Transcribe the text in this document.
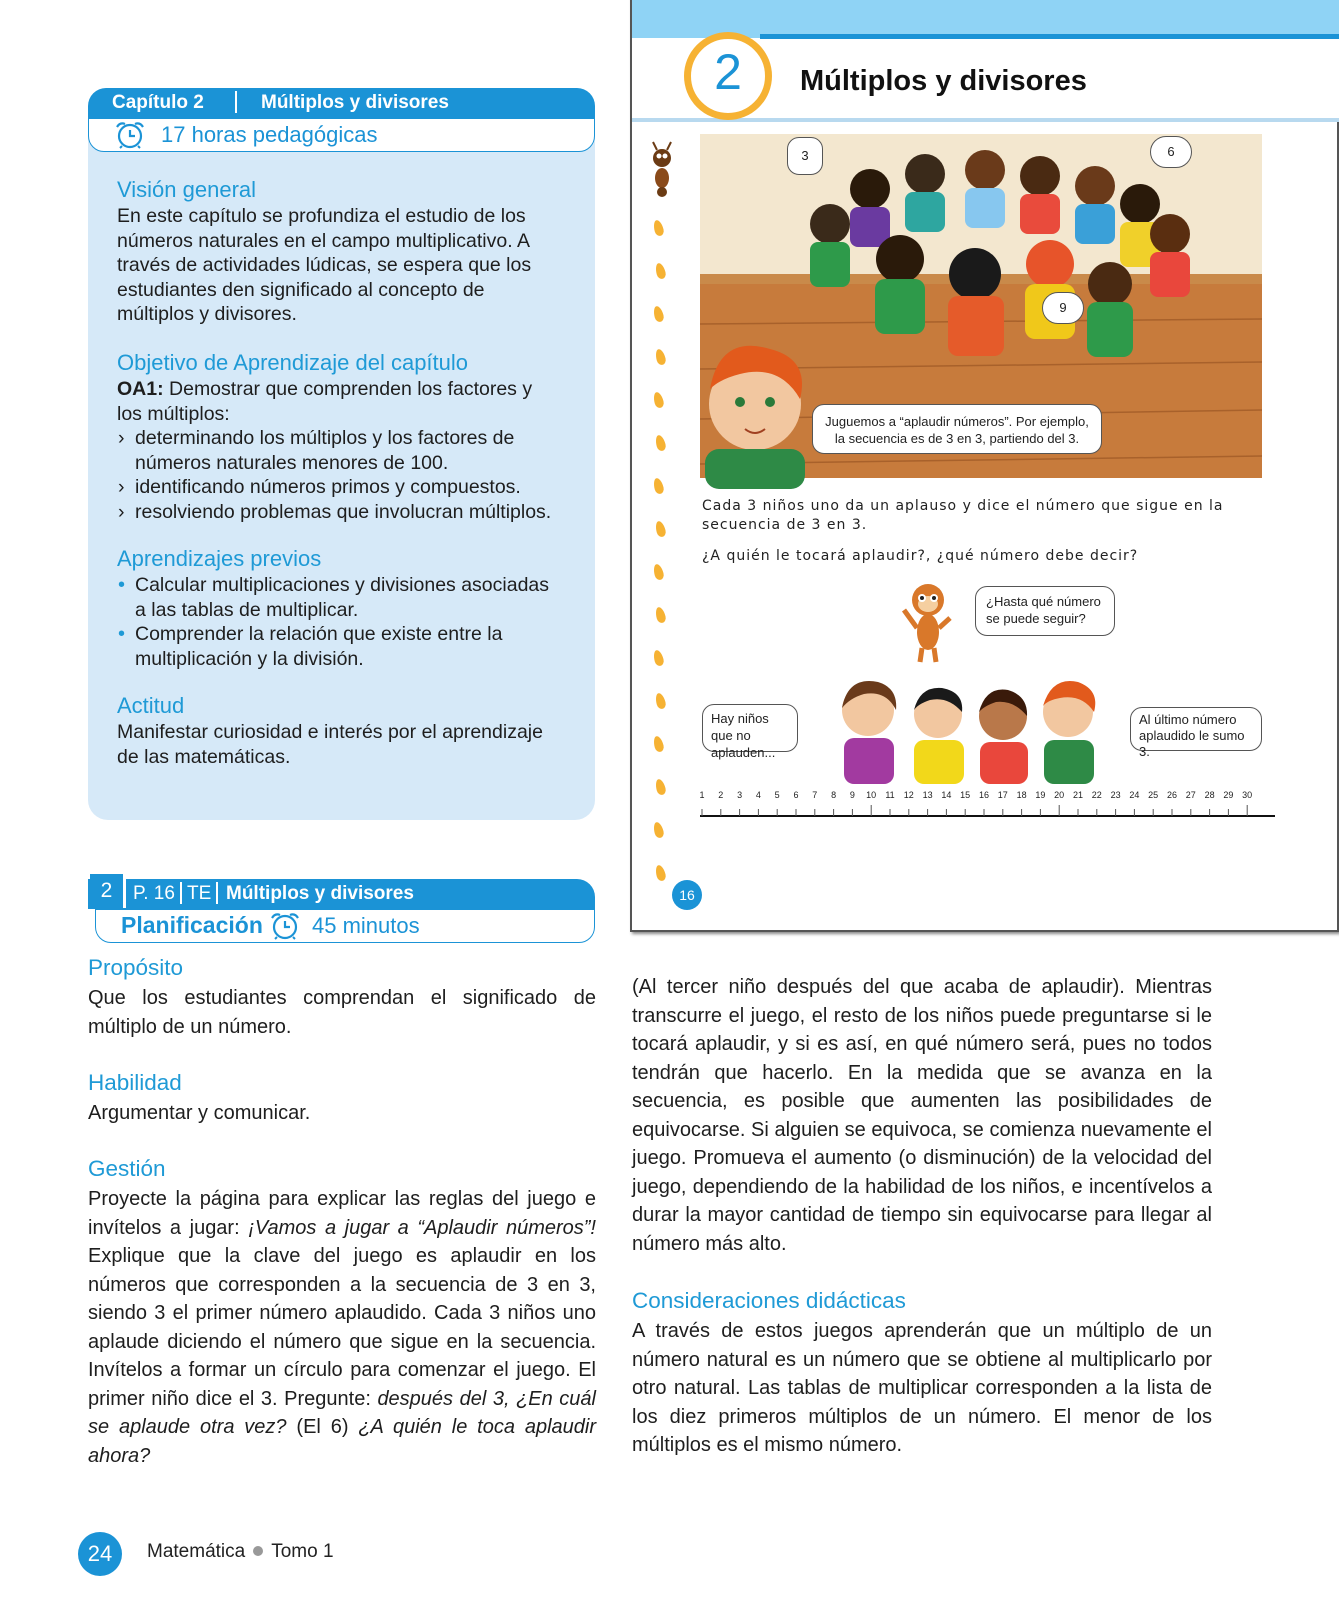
Capítulo 2	Múltiplos y divisores
17 horas pedagógicas
Visión general

En este capítulo se profundiza el estudio de los números naturales en el campo multiplicativo. A través de actividades lúdicas, se espera que los estudiantes den significado al concepto de múltiplos y divisores.

Objetivo de Aprendizaje del capítulo

OA1: Demostrar que comprenden los factores y los múltiplos:

› determinando los múltiplos y los factores de números naturales menores de 100.
› identificando números primos y compuestos.
› resolviendo problemas que involucran múltiplos.
Aprendizajes previos
• Calcular multiplicaciones y divisiones asociadas a las tablas de multiplicar.
• Comprender la relación que existe entre la multiplicación y la división.
Actitud

Manifestar curiosidad e interés por el aprendizaje de las matemáticas.

2	Múltiplos y divisores
3	6
9
Juguemos a “aplaudir números”. Por ejemplo, la secuencia es de 3 en 3, partiendo del 3.
Cada 3 niños uno da un aplauso y dice el número que sigue en la secuencia de 3 en 3.
¿A quién le tocará aplaudir?, ¿qué número debe decir?
¿Hasta qué número se puede seguir?
Hay niños que no aplauden...
Al último número aplaudido le sumo 3.
1	2	3	4	5	6	7	8	9	10	11	12 13 14 15 16 17 18 19 20 21 22 23 24 25 26 27 28 29 30
16
P. 16 TE Múltiplos y divisores
2
Planificación 45 minutos
Propósito

Que los estudiantes comprendan el significado de múltiplo de un número.

Habilidad

Argumentar y comunicar.

Gestión

Proyecte la página para explicar las reglas del juego e invítelos a jugar: ¡Vamos a jugar a “Aplaudir números”! Explique que la clave del juego es aplaudir en los números que corresponden a la secuencia de 3 en 3, siendo 3 el primer número aplaudido. Cada 3 niños uno aplaude diciendo el número que sigue en la secuencia. Invítelos a formar un círculo para comenzar el juego. El primer niño dice el 3. Pregunte: después del 3, ¿En cuál se aplaude otra vez? (El 6) ¿A quién le toca aplaudir ahora?

(Al tercer niño después del que acaba de aplaudir). Mientras transcurre el juego, el resto de los niños puede preguntarse si le tocará aplaudir, y si es así, en qué número será, pues no todos tendrán que hacerlo. En la medida que se avanza en la secuencia, es posible que aumenten las posibilidades de equivocarse. Si alguien se equivoca, se comienza nuevamente el juego. Promueva el aumento (o disminución) de la velocidad del juego, dependiendo de la habilidad de los niños, e incentívelos a durar la mayor cantidad de tiempo sin equivocarse para llegar al número más alto.

Consideraciones didácticas

A través de estos juegos aprenderán que un múltiplo de un número natural es un número que se obtiene al multiplicarlo por otro natural. Las tablas de multiplicar corresponden a la lista de los diez primeros múltiplos de un número. El menor de los múltiplos es el mismo número.

24	Matemática Tomo 1
